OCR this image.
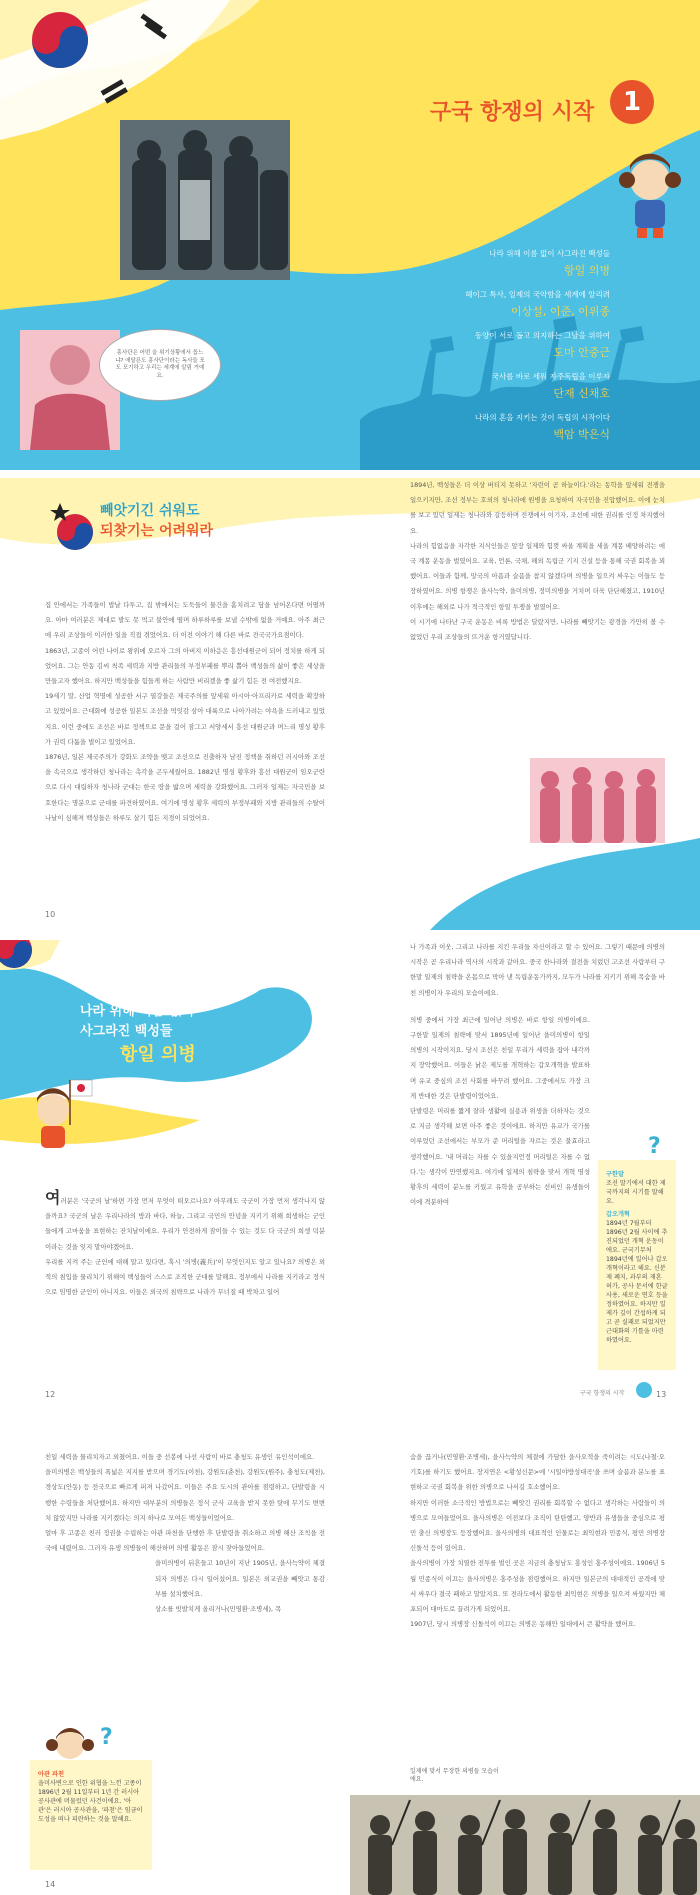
흥사단은 어떤 을 위기상황에서 돕느냐? 애달픈도 흥사단이라는 독사들 포도 포기하고 우리는 세계에 알림 거예요.
구국 항쟁의 시작	1
나라 위해 이름 없이 사그라진 백성들
항일 의병
헤이그 특사, 일제의 국악함을 세계에 알리려
이상설, 이준, 이위종
동양이 서로 돕고 의지하는 그날을 위하여
도마 안중근
국사를 바로 세워 자주독립을 이루자
단재 신채호
나라의 혼을 지키는 것이 독립의 시작이다
백암 박은식
빼앗기긴 쉬워도
되찾기는 어려워라

집 안에서는 가족들이 밥날 다투고, 집 밖에서는 도둑들이 물건을 훔치려고 담을 넘어온다면 어떨까요. 아마 여러분은 제대로 발도 못 먹고 불안에 떨며 하루하루를 보낼 수밖에 없을 거예요. 아주 최근에 우리 조상들이 이러한 일을 직접 겪었어요. 더 이전 이야기 해 다른 바로 전국국가요점이다.

1863년, 고종이 어린 나이로 왕위에 오르자 그의 아버지 이하응은 흥선대원군이 되어 정치를 하게 되었어요. 그는 안동 김씨 척족 세력과 지방 관리들의 부정부패를 뿌리 뽑아 백성들의 삶이 좋은 세상을 만들고자 했어요. 하지만 백성들을 힘들게 하는 사람만 비리겠을 좋 삶기 힘든 전 여전했지요.

19세기 말, 산업 혁명에 성공한 서구 열강들은 제국주의를 앞세워 아시아·아프리카로 세력을 확장하고 있었어요. 근대화에 성공한 일본도 조선을 먹잇감 삼아 대륙으로 나아가려는 야욕을 드러내고 있었지요. 이런 중에도 조선은 바로 정책으로 문을 걸어 잠그고 서양세서 흥선 대원군과 며느리 명성 황후가 권력 다툼을 벌이고 있었어요.

1876년, 일본 제국주의가 강화도 조약을 맺고 조선으로 진출하자 남진 정책을 취하던 러시아와 조선을 속국으로 생각하던 청나라는 촉각을 곤두세웠어요. 1882년 명성 황후와 흥선 대원군이 임오군란으로 다시 대립하자 청나라 군대는 한국 땅을 밟으며 세력을 강화했어요. 그러자 일제는 자국민을 보호한다는 명분으로 군대를 파견하였어요. 여기에 명성 황후 세력의 부정부패와 지방 관리들의 수탈이 나날이 심해져 백성들은 하루도 살기 힘든 지경이 되었어요.

1894년, 백성들은 더 이상 버티지 못하고 '자린이 곧 하늘이다.'라는 동학을 앞세워 전쟁을 일으키지만, 조선 정부는 호외의 청나라에 원병을 요청하여 자국민을 진압했어요. 이에 눈치를 보고 있던 일제는 청나라와 갈등하며 전쟁에서 이기자, 조선에 대한 권리를 인정 차지했어요.

나라의 힘없음을 자각한 지식인들은 앞장 일제와 힘껏 싸울 계획을 세울 계몽 배양하려는 애국 계몽 운동을 벌였어요. 교육, 언론, 국채, 해외 독립군 기지 건설 등을 통해 국권 회복을 꾀했어요. 이들과 함께, 망국의 아픔과 슬픔을 참지 않겠다며 의병을 일으켜 싸우는 이들도 등장하였어요. 의병 항쟁은 을사늑약, 을미의병, 정미의병을 거치며 더욱 단단해졌고, 1910년 이후에는 해외로 나가 적극적인 항일 투쟁을 벌였어요.

이 시기에 나타난 구국 운동은 비록 방법은 달랐지만, 나라를 빼앗기는 광경을 가만히 볼 수 없었던 우리 조상들의 뜨거운 항거였답니다.

10
나라 위해 이름 없이
사그라진 백성들
항일 의병

여러분은 '국군의 날'하면 가장 먼저 무엇이 떠오르나요? 아무래도 국군이 가장 먼저 생각나지 않을까요? 국군의 날은 우리나라의 방과 바다, 하늘, 그리고 국민의 안녕을 지키기 위해 희생하는 군인들에게 고마움을 표현하는 잔치날이에요. 우리가 안전하게 잠이들 수 있는 것도 다 국군의 희생 덕분이라는 것을 잊지 말아야겠어요.

우리를 지켜 주는 군인에 대해 알고 있다면, 혹시 '의병(義兵)'이 무엇인지도 알고 있나요? 의병은 외적의 침입을 물리치기 위해여 백성들이 스스로 조직한 군대를 말해요. 정부에서 나라를 지키라고 정식으로 임명한 군인이 아니지요. 이들은 외국의 침략으로 나라가 무너질 때 박차고 일어

나 가족과 이웃, 그리고 나라를 지킨 우리들 자신이라고 할 수 있어요. 그렇기 때문에 의병의 시작은 곧 우리나라 역사의 시작과 같아요. 중국 한나라와 결전을 치렀던 고조선 사람부터 구한말 일제의 침략을 온몸으로 막아 낸 독립운동가까지, 모두가 나라를 지키기 위해 목숨을 바친 의병이자 우리의 모습이에요.

의병 중에서 가장 최근에 일어난 의병은 바로 항일 의병이에요. 구한말 일제의 침략에 맞서 1895년에 일어난 을미의병이 항일 의병의 시작이지요. 당시 조선은 친일 무리가 세력을 잡아 내각까지 장악했어요. 이들은 낡은 제도를 개혁하는 갑오개혁을 발표하며 유교 중심의 조선 사회를 바꾸려 했어요. 그중에서도 가장 크게 반대한 것은 단발령이었어요.

단발령은 머리를 짧게 잘라 생활에 실용과 위생을 더하자는 것으로 지금 생각해 보면 아주 좋은 것이에요. 하지만 유교가 국가를 이루었던 조선에서는 부모가 준 머리털을 자르는 것은 불효라고 생각했어요. '내 머리는 자를 수 있을지언정 머리털은 자를 수 없다.'는 생각이 만연했지요. 여기에 일제의 침략을 맞서 개혁 명성 황후의 세력이 분노를 키웠고 유학을 공부하는 선비인 유생들이 이에 격분하여

?
구한말
조선 말기에서 대한 제국까지의 시기를 말해요.
갑오개혁
1894년 7월부터 1896년 2월 사이에 추진되었던 개혁 운동이에요. 군국기무처 1894년에 일어나 갑오개혁이라고 해요. 신분제 폐지, 과부의 재혼 허가, 공사 문서에 한글 사용, 새로운 연호 등을 정하였어요. 하지만 일제가 깊이 간섭하게 되고 곧 실패로 되었지만 근대화의 기틀을 마련하였어요.
12	구국 항쟁의 시작	13

친일 세력을 물리치자고 외쳤어요. 이들 중 선봉에 나선 사람이 바로 충청도 유생인 유인석이에요.

을미의병은 백성들의 폭넓은 지지를 받으며 경기도(이천), 강원도(춘천), 강원도(원주), 충청도(제천), 경상도(안동) 등 전국으로 빠르게 퍼져 나갔어요. 이들은 주요 도시의 관아를 점령하고, 단발령을 시행한 수령들을 처단했어요. 하지만 대부분의 의병들은 정식 군사 교육을 받지 못한 탓에 무기도 변변치 않았지만 나라를 지키겠다는 의지 하나로 모여든 백성들이었어요.

얼마 후 고종은 친러 정권을 수립하는 아관 파천을 단행한 후 단발령을 취소하고 의병 해산 조칙을 전국에 내렸어요. 그러자 유생 의병들이 해산하며 의병 활동은 잠시 잦아들었어요.

을미의병이 뒤흔들고 10년이 지난 1905년, 을사늑약이 체결되자 의병은 다시 일어섰어요. 일본은 외교권을 빼앗고 통감부를 설치했어요.

상소를 빗발치게 올리거나(민영환·조병세), 목

?
아관 파천
을미사변으로 인한 위협을 느낀 고종이 1896년 2월 11일부터 1년 간 러시아 공사관에 머물렀던 사건이에요. '아관'은 러시아 공사관을, '파천'은 임금이 도성을 떠나 피란하는 것을 말해요.

숨을 끊거나(민영환·조병세), 을사늑약의 체결에 가담한 을사오적을 죽이려는 시도(나철·오기호)를 하기도 했어요. 장지연은 <황성신문>에 '시일야방성대곡'을 쓰며 슬픔과 분노를 표현하고 국권 회복을 위한 의병으로 나서길 호소했어요.

하지만 이러한 소극적인 방법으로는 빼앗긴 권리를 회복할 수 없다고 생각하는 사람들이 의병으로 모여들었어요. 을사의병은 이전보다 조직이 탄탄했고, 양반과 유생들을 중심으로 평민 출신 의병장도 등장했어요. 을사의병의 대표적인 인물로는 최익현과 민종식, 평민 의병장 신돌석 등이 있어요.

을사의병이 가장 치열한 전투를 벌인 곳은 지금의 충청남도 홍성인 홍주성이에요. 1906년 5월 민종식이 이끄는 을사의병은 홍주성을 점령했어요. 하지만 일본군의 대대적인 공격에 맞서 싸우다 결국 패하고 말았지요. 또 전라도에서 활동한 최익현은 의병을 일으켜 싸웠지만 체포되어 대마도로 끌려가게 되었어요.

1907년, 당시 의병장 신돌석이 이끄는 의병은 동해안 일대에서 큰 활약을 했어요.

일제에 맞서 무장한 의병들 모습이에요.
14
